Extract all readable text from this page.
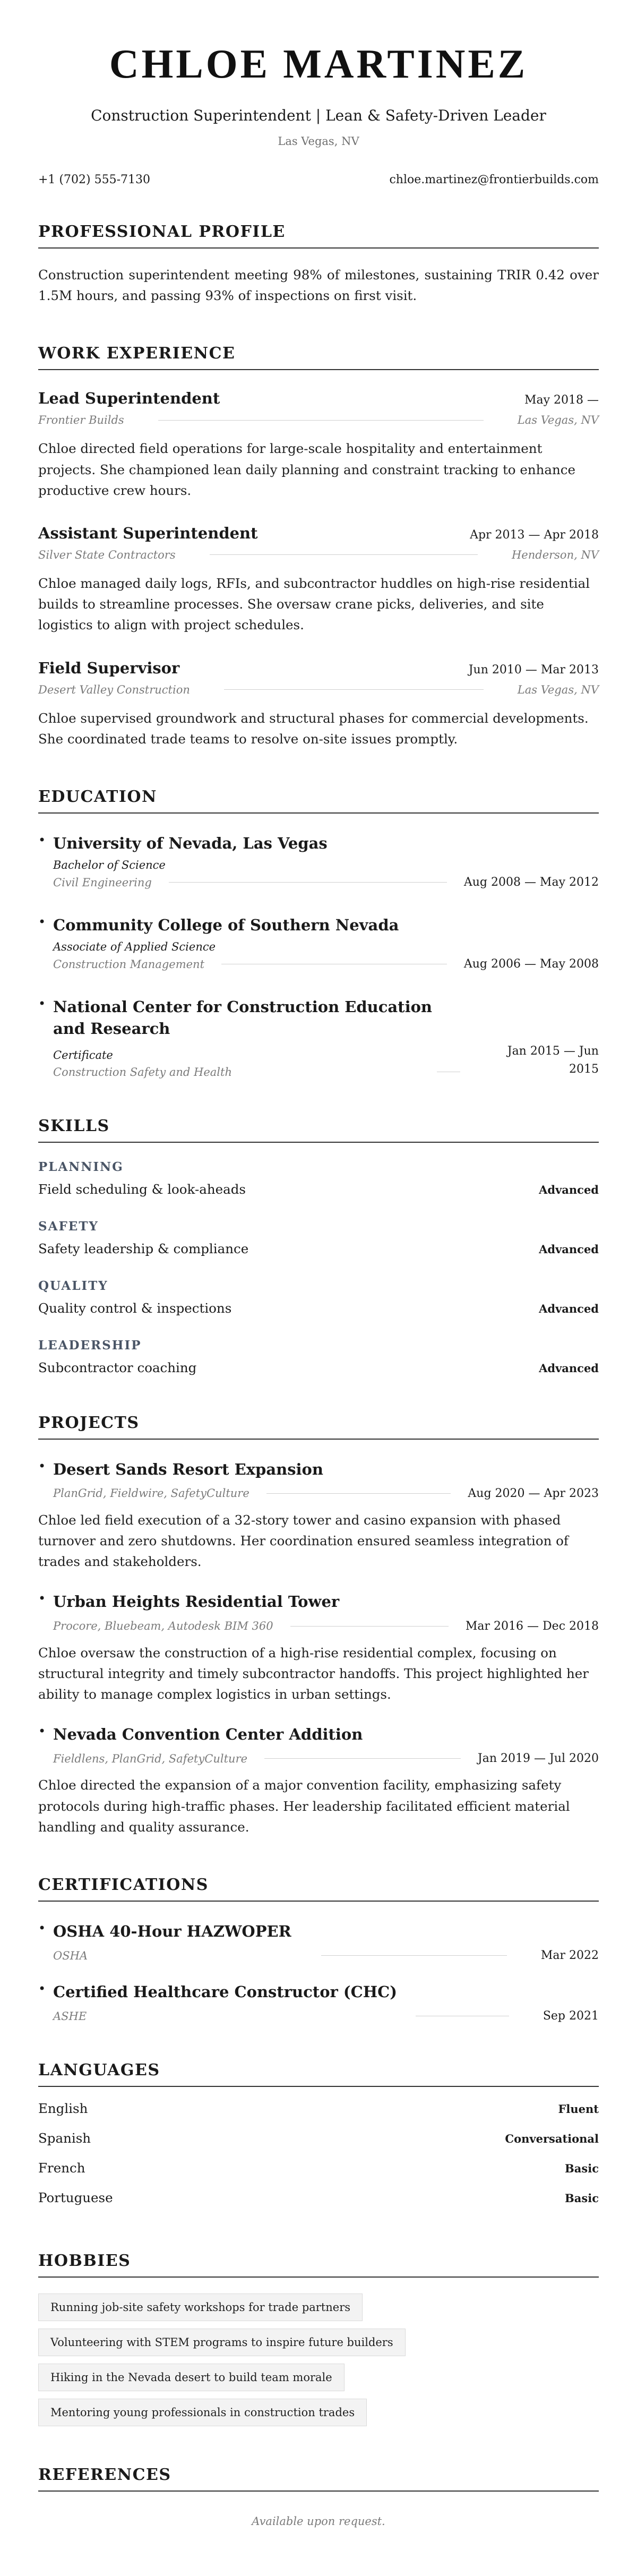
CHLOE MARTINEZ
Construction Superintendent | Lean & Safety-Driven Leader
Las Vegas, NV
+1 (702) 555-7130	chloe.martinez@frontierbuilds.com
PROFESSIONAL PROFILE

Construction superintendent meeting 98% of milestones, sustaining TRIR 0.42 over 1.5M hours, and passing 93% of inspections on first visit.

WORK EXPERIENCE
Lead Superintendent	May 2018 —
Frontier Builds	Las Vegas, NV

Chloe directed field operations for large-scale hospitality and entertainment projects. She championed lean daily planning and constraint tracking to enhance productive crew hours.

Assistant Superintendent	Apr 2013 — Apr 2018
Silver State Contractors	Henderson, NV

Chloe managed daily logs, RFIs, and subcontractor huddles on high-rise residential builds to streamline processes. She oversaw crane picks, deliveries, and site logistics to align with project schedules.

Field Supervisor	Jun 2010 — Mar 2013
Desert Valley Construction	Las Vegas, NV

Chloe supervised groundwork and structural phases for commercial developments. She coordinated trade teams to resolve on-site issues promptly.

EDUCATION
• University of Nevada, Las Vegas
Bachelor of Science
Civil Engineering	Aug 2008 — May 2012
• Community College of Southern Nevada
Associate of Applied Science
Construction Management	Aug 2006 — May 2008
• National Center for Construction Education
and Research
Certificate
Construction Safety and Health
Jan 2015 — Jun
2015
SKILLS
PLANNING
Field scheduling & look-aheads	Advanced
SAFETY
Safety leadership & compliance	Advanced
QUALITY
Quality control & inspections	Advanced
LEADERSHIP
Subcontractor coaching	Advanced
PROJECTS
• Desert Sands Resort Expansion
PlanGrid, Fieldwire, SafetyCulture	Aug 2020 — Apr 2023

Chloe led field execution of a 32-story tower and casino expansion with phased turnover and zero shutdowns. Her coordination ensured seamless integration of trades and stakeholders.

• Urban Heights Residential Tower
Procore, Bluebeam, Autodesk BIM 360	Mar 2016 — Dec 2018

Chloe oversaw the construction of a high-rise residential complex, focusing on structural integrity and timely subcontractor handoffs. This project highlighted her ability to manage complex logistics in urban settings.

• Nevada Convention Center Addition
Fieldlens, PlanGrid, SafetyCulture	Jan 2019 — Jul 2020

Chloe directed the expansion of a major convention facility, emphasizing safety protocols during high-traffic phases. Her leadership facilitated efficient material handling and quality assurance.

CERTIFICATIONS
• OSHA 40-Hour HAZWOPER
OSHA	Mar 2022
• Certified Healthcare Constructor (CHC)
ASHE	Sep 2021
LANGUAGES
English	Fluent
Spanish	Conversational
French	Basic
Portuguese	Basic
HOBBIES
Running job-site safety workshops for trade partners
Volunteering with STEM programs to inspire future builders
Hiking in the Nevada desert to build team morale
Mentoring young professionals in construction trades
REFERENCES

Available upon request.
